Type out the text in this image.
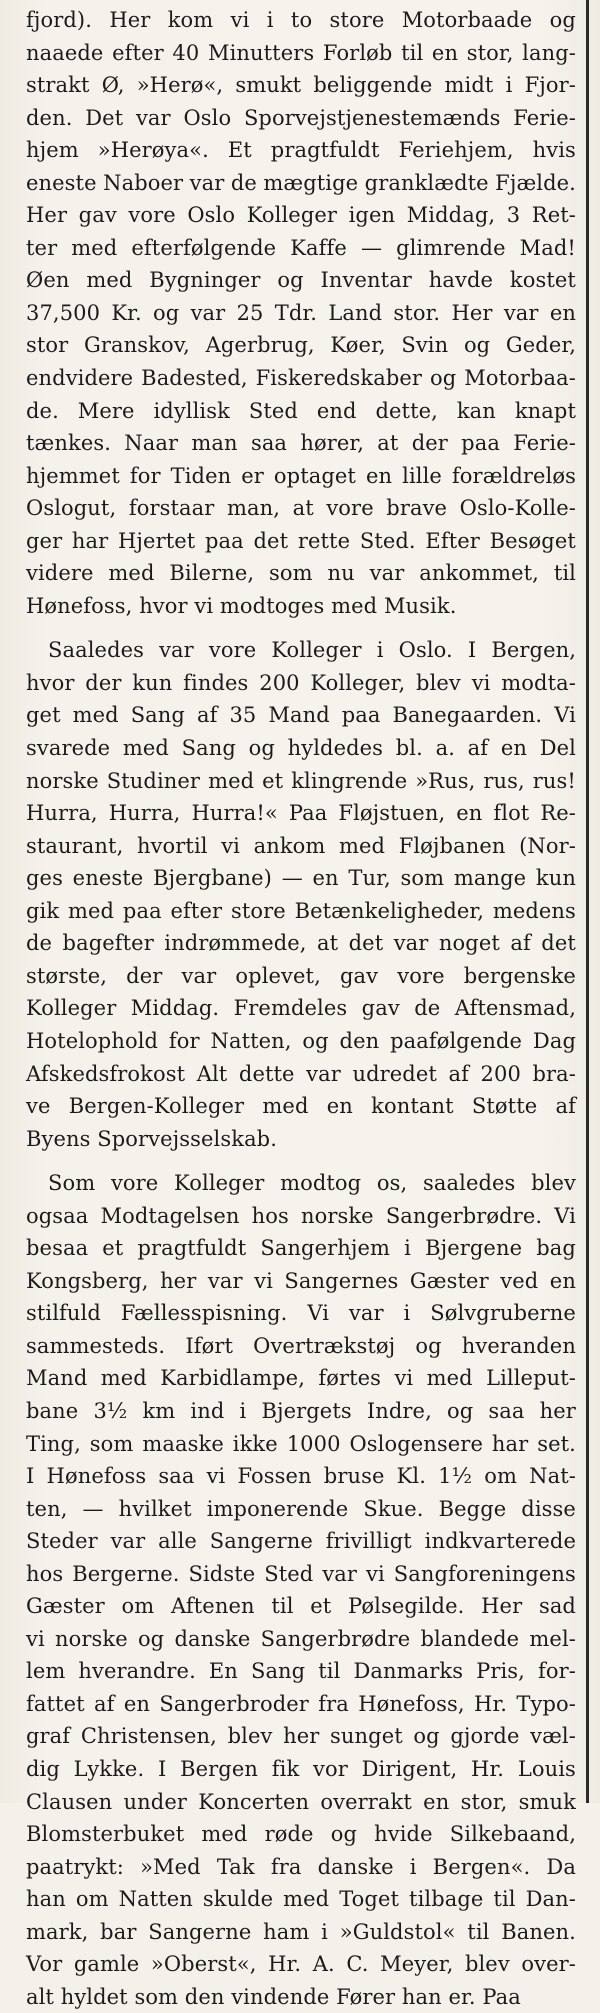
fjord). Her kom vi i to store Motorbaade og
naaede efter 40 Minutters Forløb til en stor, lang-
strakt Ø, »Herø«, smukt beliggende midt i Fjor-
den. Det var Oslo Sporvejstjenestemænds Ferie-
hjem »Herøya«. Et pragtfuldt Feriehjem, hvis
eneste Naboer var de mægtige granklædte Fjælde.
Her gav vore Oslo Kolleger igen Middag, 3 Ret-
ter med efterfølgende Kaffe — glimrende Mad!
Øen med Bygninger og Inventar havde kostet
37,500 Kr. og var 25 Tdr. Land stor. Her var en
stor Granskov, Agerbrug, Køer, Svin og Geder,
endvidere Badested, Fiskeredskaber og Motorbaa-
de. Mere idyllisk Sted end dette, kan knapt
tænkes. Naar man saa hører, at der paa Ferie-
hjemmet for Tiden er optaget en lille forældreløs
Oslogut, forstaar man, at vore brave Oslo-Kolle-
ger har Hjertet paa det rette Sted. Efter Besøget
videre med Bilerne, som nu var ankommet, til
Hønefoss, hvor vi modtoges med Musik.
Saaledes var vore Kolleger i Oslo. I Bergen,
hvor der kun findes 200 Kolleger, blev vi modta-
get med Sang af 35 Mand paa Banegaarden. Vi
svarede med Sang og hyldedes bl. a. af en Del
norske Studiner med et klingrende »Rus, rus, rus!
Hurra, Hurra, Hurra!« Paa Fløjstuen, en flot Re-
staurant, hvortil vi ankom med Fløjbanen (Nor-
ges eneste Bjergbane) — en Tur, som mange kun
gik med paa efter store Betænkeligheder, medens
de bagefter indrømmede, at det var noget af det
største, der var oplevet, gav vore bergenske
Kolleger Middag. Fremdeles gav de Aftensmad,
Hotelophold for Natten, og den paafølgende Dag
Afskedsfrokost Alt dette var udredet af 200 bra-
ve Bergen-Kolleger med en kontant Støtte af
Byens Sporvejsselskab.
Som vore Kolleger modtog os, saaledes blev
ogsaa Modtagelsen hos norske Sangerbrødre. Vi
besaa et pragtfuldt Sangerhjem i Bjergene bag
Kongsberg, her var vi Sangernes Gæster ved en
stilfuld Fællesspisning. Vi var i Sølvgruberne
sammesteds. Iført Overtrækstøj og hveranden
Mand med Karbidlampe, førtes vi med Lilleput-
bane 3½ km ind i Bjergets Indre, og saa her
Ting, som maaske ikke 1000 Oslogensere har set.
I Hønefoss saa vi Fossen bruse Kl. 1½ om Nat-
ten, — hvilket imponerende Skue. Begge disse
Steder var alle Sangerne frivilligt indkvarterede
hos Bergerne. Sidste Sted var vi Sangforeningens
Gæster om Aftenen til et Pølsegilde. Her sad
vi norske og danske Sangerbrødre blandede mel-
lem hverandre. En Sang til Danmarks Pris, for-
fattet af en Sangerbroder fra Hønefoss, Hr. Typo-
graf Christensen, blev her sunget og gjorde væl-
dig Lykke. I Bergen fik vor Dirigent, Hr. Louis
Clausen under Koncerten overrakt en stor, smuk
Blomsterbuket med røde og hvide Silkebaand,
paatrykt: »Med Tak fra danske i Bergen«. Da
han om Natten skulde med Toget tilbage til Dan-
mark, bar Sangerne ham i »Guldstol« til Banen.
Vor gamle »Oberst«, Hr. A. C. Meyer, blev over-
alt hyldet som den vindende Fører han er. Paa
